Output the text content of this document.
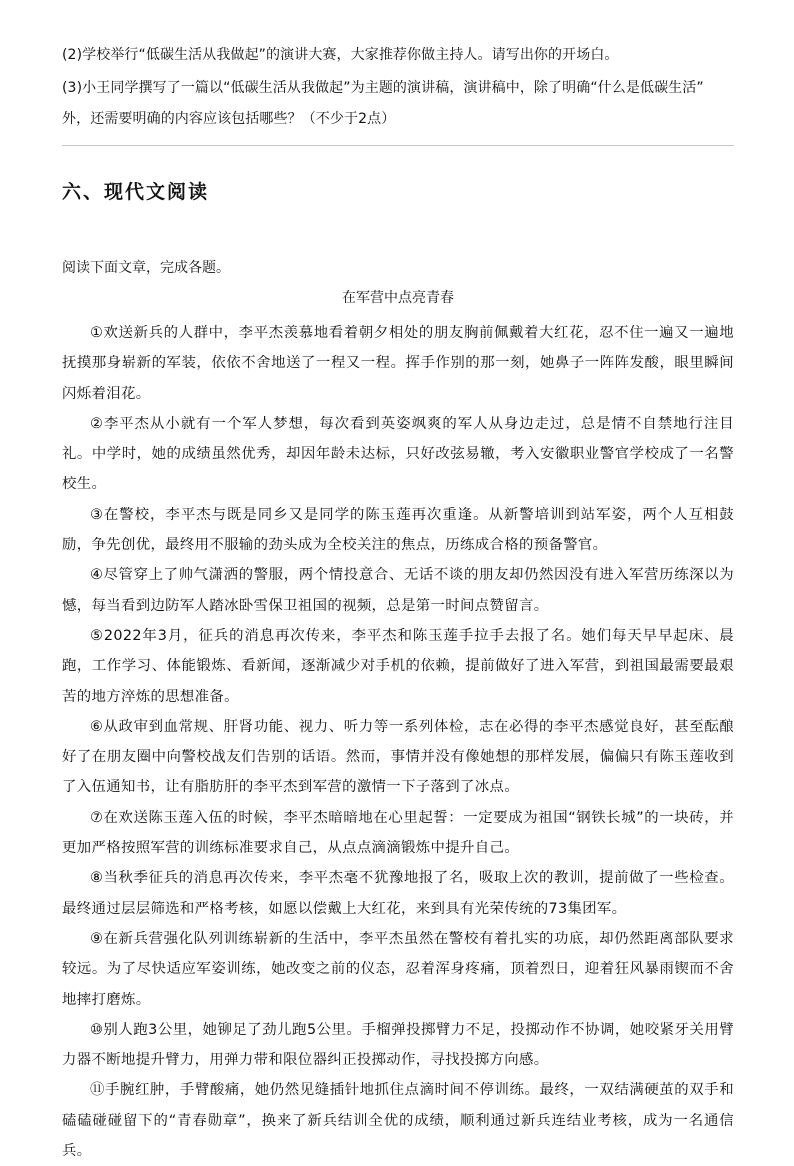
(2)学校举行“低碳生活从我做起”的演讲大赛，大家推荐你做主持人。请写出你的开场白。
(3)小王同学撰写了一篇以“低碳生活从我做起”为主题的演讲稿，演讲稿中，除了明确“什么是低碳生活”
外，还需要明确的内容应该包括哪些？（不少于2点）
六、现代文阅读
阅读下面文章，完成各题。
在军营中点亮青春

①欢送新兵的人群中，李平杰羡慕地看着朝夕相处的朋友胸前佩戴着大红花，忍不住一遍又一遍地抚摸那身崭新的军装，依依不舍地送了一程又一程。挥手作别的那一刻，她鼻子一阵阵发酸，眼里瞬间闪烁着泪花。

②李平杰从小就有一个军人梦想，每次看到英姿飒爽的军人从身边走过，总是情不自禁地行注目礼。中学时，她的成绩虽然优秀，却因年龄未达标，只好改弦易辙，考入安徽职业警官学校成了一名警校生。

③在警校，李平杰与既是同乡又是同学的陈玉莲再次重逢。从新警培训到站军姿，两个人互相鼓励，争先创优，最终用不服输的劲头成为全校关注的焦点，历练成合格的预备警官。

④尽管穿上了帅气潇洒的警服，两个情投意合、无话不谈的朋友却仍然因没有进入军营历练深以为憾，每当看到边防军人踏冰卧雪保卫祖国的视频，总是第一时间点赞留言。

⑤2022年3月，征兵的消息再次传来，李平杰和陈玉莲手拉手去报了名。她们每天早早起床、晨跑，工作学习、体能锻炼、看新闻，逐渐减少对手机的依赖，提前做好了进入军营，到祖国最需要最艰苦的地方淬炼的思想准备。

⑥从政审到血常规、肝肾功能、视力、听力等一系列体检，志在必得的李平杰感觉良好，甚至酝酿好了在朋友圈中向警校战友们告别的话语。然而，事情并没有像她想的那样发展，偏偏只有陈玉莲收到了入伍通知书，让有脂肪肝的李平杰到军营的激情一下子落到了冰点。

⑦在欢送陈玉莲入伍的时候，李平杰暗暗地在心里起誓：一定要成为祖国“钢铁长城”的一块砖，并更加严格按照军营的训练标准要求自己，从点点滴滴锻炼中提升自己。

⑧当秋季征兵的消息再次传来，李平杰毫不犹豫地报了名，吸取上次的教训，提前做了一些检查。最终通过层层筛选和严格考核，如愿以偿戴上大红花，来到具有光荣传统的73集团军。

⑨在新兵营强化队列训练崭新的生活中，李平杰虽然在警校有着扎实的功底，却仍然距离部队要求较远。为了尽快适应军姿训练，她改变之前的仪态，忍着浑身疼痛，顶着烈日，迎着狂风暴雨锲而不舍地摔打磨炼。

⑩别人跑3公里，她铆足了劲儿跑5公里。手榴弹投掷臂力不足，投掷动作不协调，她咬紧牙关用臂力器不断地提升臂力，用弹力带和限位器纠正投掷动作，寻找投掷方向感。

⑪手腕红肿，手臂酸痛，她仍然见缝插针地抓住点滴时间不停训练。最终，一双结满硬茧的双手和磕磕碰碰留下的“青春勋章”，换来了新兵结训全优的成绩，顺利通过新兵连结业考核，成为一名通信兵。
